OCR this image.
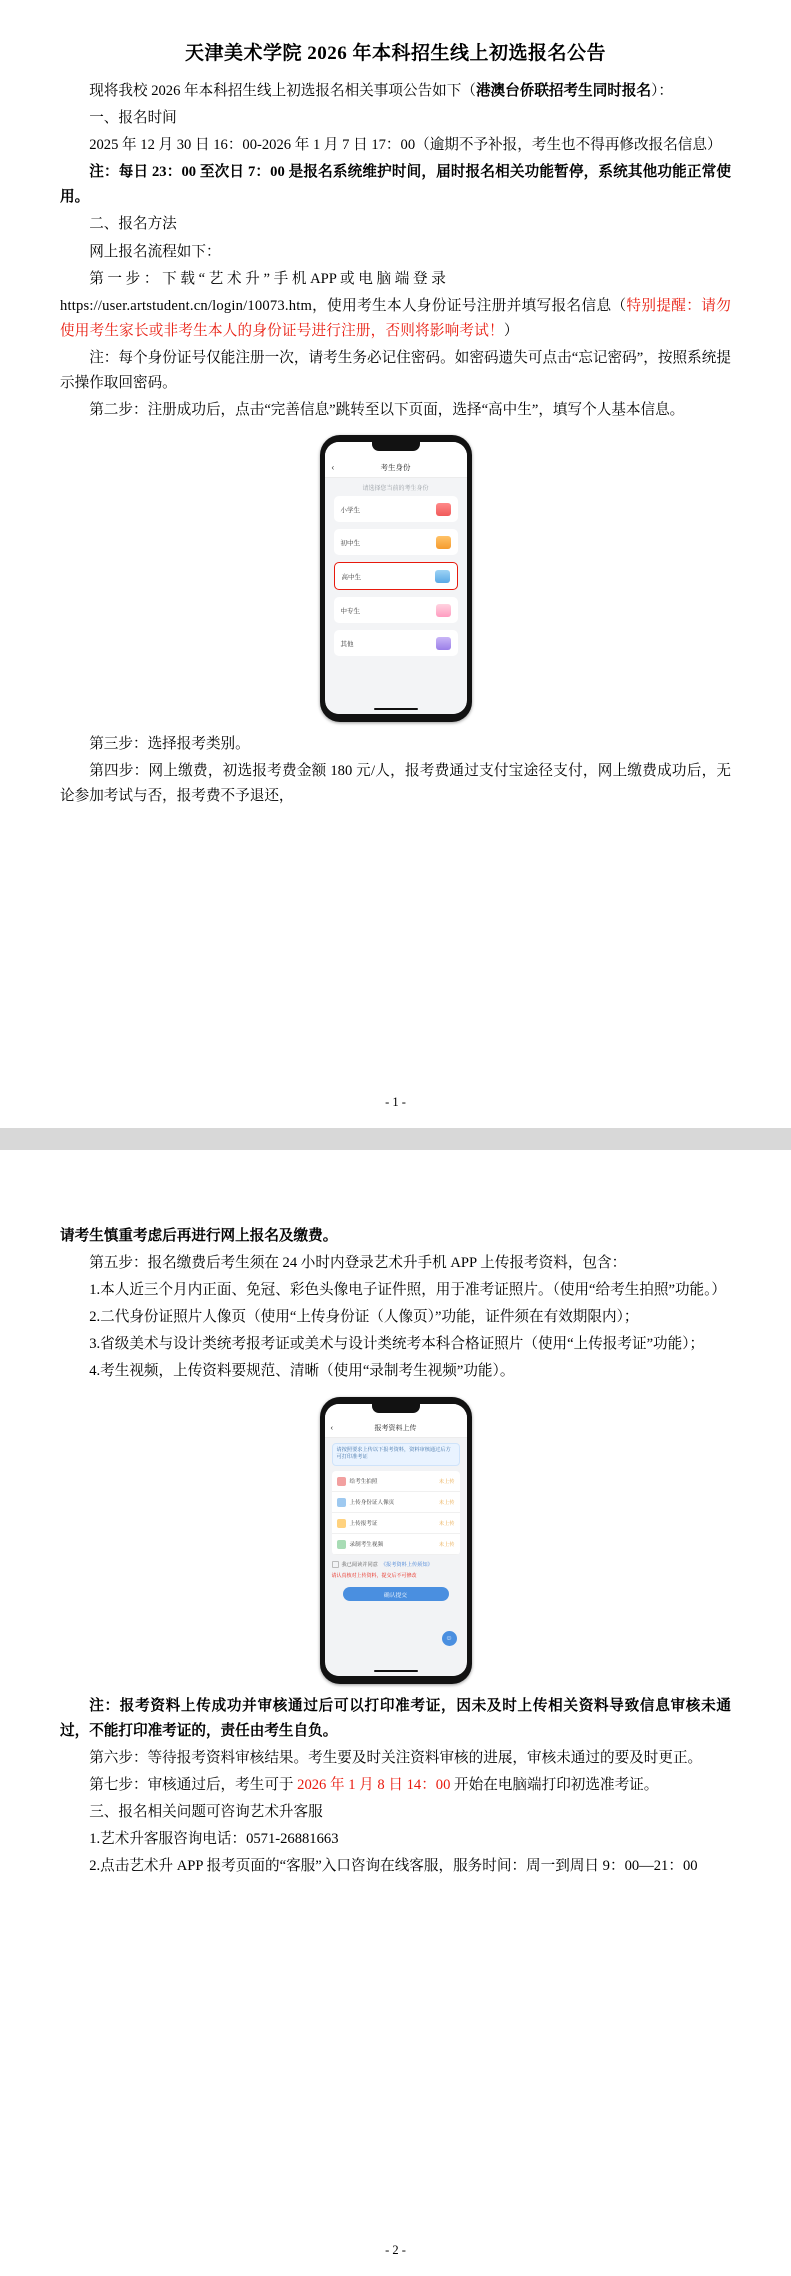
天津美术学院 2026 年本科招生线上初选报名公告

现将我校 2026 年本科招生线上初选报名相关事项公告如下（港澳台侨联招考生同时报名）：

一、报名时间

2025 年 12 月 30 日 16：00-2026 年 1 月 7 日 17：00（逾期不予补报，考生也不得再修改报名信息）

注：每日 23：00 至次日 7：00 是报名系统维护时间，届时报名相关功能暂停，系统其他功能正常使用。

二、报名方法

网上报名流程如下：

第 一 步 ： 下 载 “ 艺 术 升 ” 手 机 APP 或 电 脑 端 登 录

https://user.artstudent.cn/login/10073.htm，使用考生本人身份证号注册并填写报名信息（特别提醒：请勿使用考生家长或非考生本人的身份证号进行注册，否则将影响考试！）

注：每个身份证号仅能注册一次，请考生务必记住密码。如密码遗失可点击“忘记密码”，按照系统提示操作取回密码。

第二步：注册成功后，点击“完善信息”跳转至以下页面，选择“高中生”，填写个人基本信息。

‹	考生身份
请选择您当前的考生身份
小学生
初中生
高中生
中专生
其他

第三步：选择报考类别。

第四步：网上缴费，初选报考费金额 180 元/人，报考费通过支付宝途径支付，网上缴费成功后，无论参加考试与否，报考费不予退还，

- 1 -

请考生慎重考虑后再进行网上报名及缴费。

第五步：报名缴费后考生须在 24 小时内登录艺术升手机 APP 上传报考资料，包含：

1.本人近三个月内正面、免冠、彩色头像电子证件照，用于准考证照片。（使用“给考生拍照”功能。）

2.二代身份证照片人像页（使用“上传身份证（人像页）”功能，证件须在有效期限内）；

3.省级美术与设计类统考报考证或美术与设计类统考本科合格证照片（使用“上传报考证”功能）；

4.考生视频，上传资料要规范、清晰（使用“录制考生视频”功能）。

‹	报考资料上传
请按照要求上传以下报考资料，资料审核通过后方可打印准考证
给考生拍照	未上传
上传身份证人像页	未上传
上传报考证	未上传
录制考生视频	未上传
我已阅读并同意 《报考资料上传须知》
请认真核对上传资料，提交后不可修改
确认提交
☺

注：报考资料上传成功并审核通过后可以打印准考证，因未及时上传相关资料导致信息审核未通过，不能打印准考证的，责任由考生自负。

第六步：等待报考资料审核结果。考生要及时关注资料审核的进展，审核未通过的要及时更正。

第七步：审核通过后，考生可于 2026 年 1 月 8 日 14：00 开始在电脑端打印初选准考证。

三、报名相关问题可咨询艺术升客服

1.艺术升客服咨询电话：0571-26881663

2.点击艺术升 APP 报考页面的“客服”入口咨询在线客服，服务时间：周一到周日 9：00—21：00

- 2 -
